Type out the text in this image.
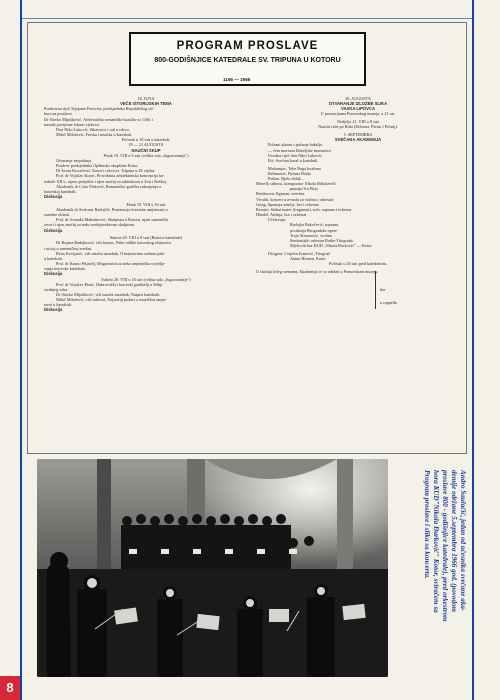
PROGRAM PROSLAVE
800-GODIŠNJICE KATEDRALE SV. TRIPUNA U KOTORU
1166 — 1966
18. JUNA
VEČE ISTORIJSKIH TEMA
Pozdravna riječ Stjepana Perovića, predsjednika Republičkog od-
bora za proslavu.
Dr Slavko Mijušković, Arhivistička romaničke bazilike iz 1166. i
nastale povijesne tokom vjekova.
Don Niko Luković, Sikavstvo i rad u crkvu.
Miloš Milošević, Freska i muzika u katedrali.
Početak u 18 sati u katedrali.
19 — 21 AUGUSTA
NAUČNI SKUP
Petak 19. VIII u 9 sati (velika sala „Jugooceanije")
Otvaranje zasjedanja.
Pozdrav predsjednika Opštinske skupštine Kotor.
Dr Jovan Kovačević, Kotor i crkva sv. Tripuna u IX vijeku.
Prof. dr Vojislav Korać, Provobitna arhitektonska koncepcija ka-
tedrale XII v., njeno porijeklo i njen značaj za arhitekturu u Zeti i Raškoj.
Akademik dr Cvito Fisković, Romaničko-gotička zakonjenja u
kotorskoj katedrali.
Diskusija
Petak 19. VIII u 16 sati
Akademik dr Svetozar Radojčić, Penetracija kotorske umjetnosti u
susedne oblasti.
Prof. dr Jovanka Maksimović, Skulptura u Kotoru, njeni umetnički
izvori i njen značaj za našu srednjovekovnu skulpturu.
Diskusija
Subota 20. VIII u 9 sati (Riznica katedrale)
Dr Bojana Radojković, viši kustos, Neke odlike kotorskog zlatarstva
i uticaj u umetničkoj sredini.
Risto Kovijanić, viši naučni saradnik, O majstorima srebrne pale
u katedrali.
Prof. dr Kruno Prijatelj, Mogućnosti za neka umjetnička uvjetlja-
vanja kotorske katedrale.
Diskusija
Subota 20. VIII u 16 sati (velika sala „Jugooceanije")
Prof. dr Vojislav Đurić, Dubrovački i kotorski graditelji u Srbiji
srednjeg veka.
Dr Slavko Mijušković, viši naučni saradnik, Natpisi katedrale.
Miloš Milošević, viši arhivist, Najstariji podaci o muzičkoj umjet-
nosti u katedrali.
Diskusija
20. AUGUSTA
OTVARANJE IZLOŽBE SLIKA
VASKA LIPOVCA
U prostorijama Pomorskog muzeja, u 21 sat.
Nedjelja 21. VIII u 8 sati
Naučni izlet po Boki (Dobrota, Perast i Prčanj).
5. SEPTEMBRA
SVEČANA AKADEMIJA
Polazni plotun i pučanje bakalja.
— četa mornara Bokeljske mornarice.
Uvodna riječ don Niko Luković.
Ilić, Svečani koral u katedrali.
Mokranjac, Tebe Boga hvalimo
Rebanović, Pjesma Božje
Pušlan, Bjelo oblak…
Mesečk stihova, kompozitor Nikola Mikolavčić
putnaja Ivo Beja
Beethoven, Egmont, uvertira
Vivaldi, koncert u a-molu za violinu i orkestar
Grtag, Spomaja zemlje, hor i orkestar
Rossini, Stabat mater (fragment), solo, soprana i orkestar
Händel, Aleluja, hor i orkestar
Učestvuju:
Radojka Bakočević, soprano,
prvakinja Beogradske opere
Trajo Simonović, violina
Simfonijski orkestar Radio-Titograda
Mješoviti hor KUD „Nikola Đurković" — Kotor
Dirigent: Cvijetin Ivanović, Titograd
Antun Homen, Kotor
Početak u 20 sati pred katedralom.
U slučaju lošeg vremena, Akademija će se održati u Pomorskom muzeju.
hor
a cappella
Andro Saulačić, jedan od učesnika svečane aka-
demije održane 5.septembra 1966 god. (povodom
proslave 800 - godišnjice katedrale), pred orkestrom
hora KUD"Nikola Đurković" Kotor, sviračem sa
Program proslave i slika sa koncerta.
8
